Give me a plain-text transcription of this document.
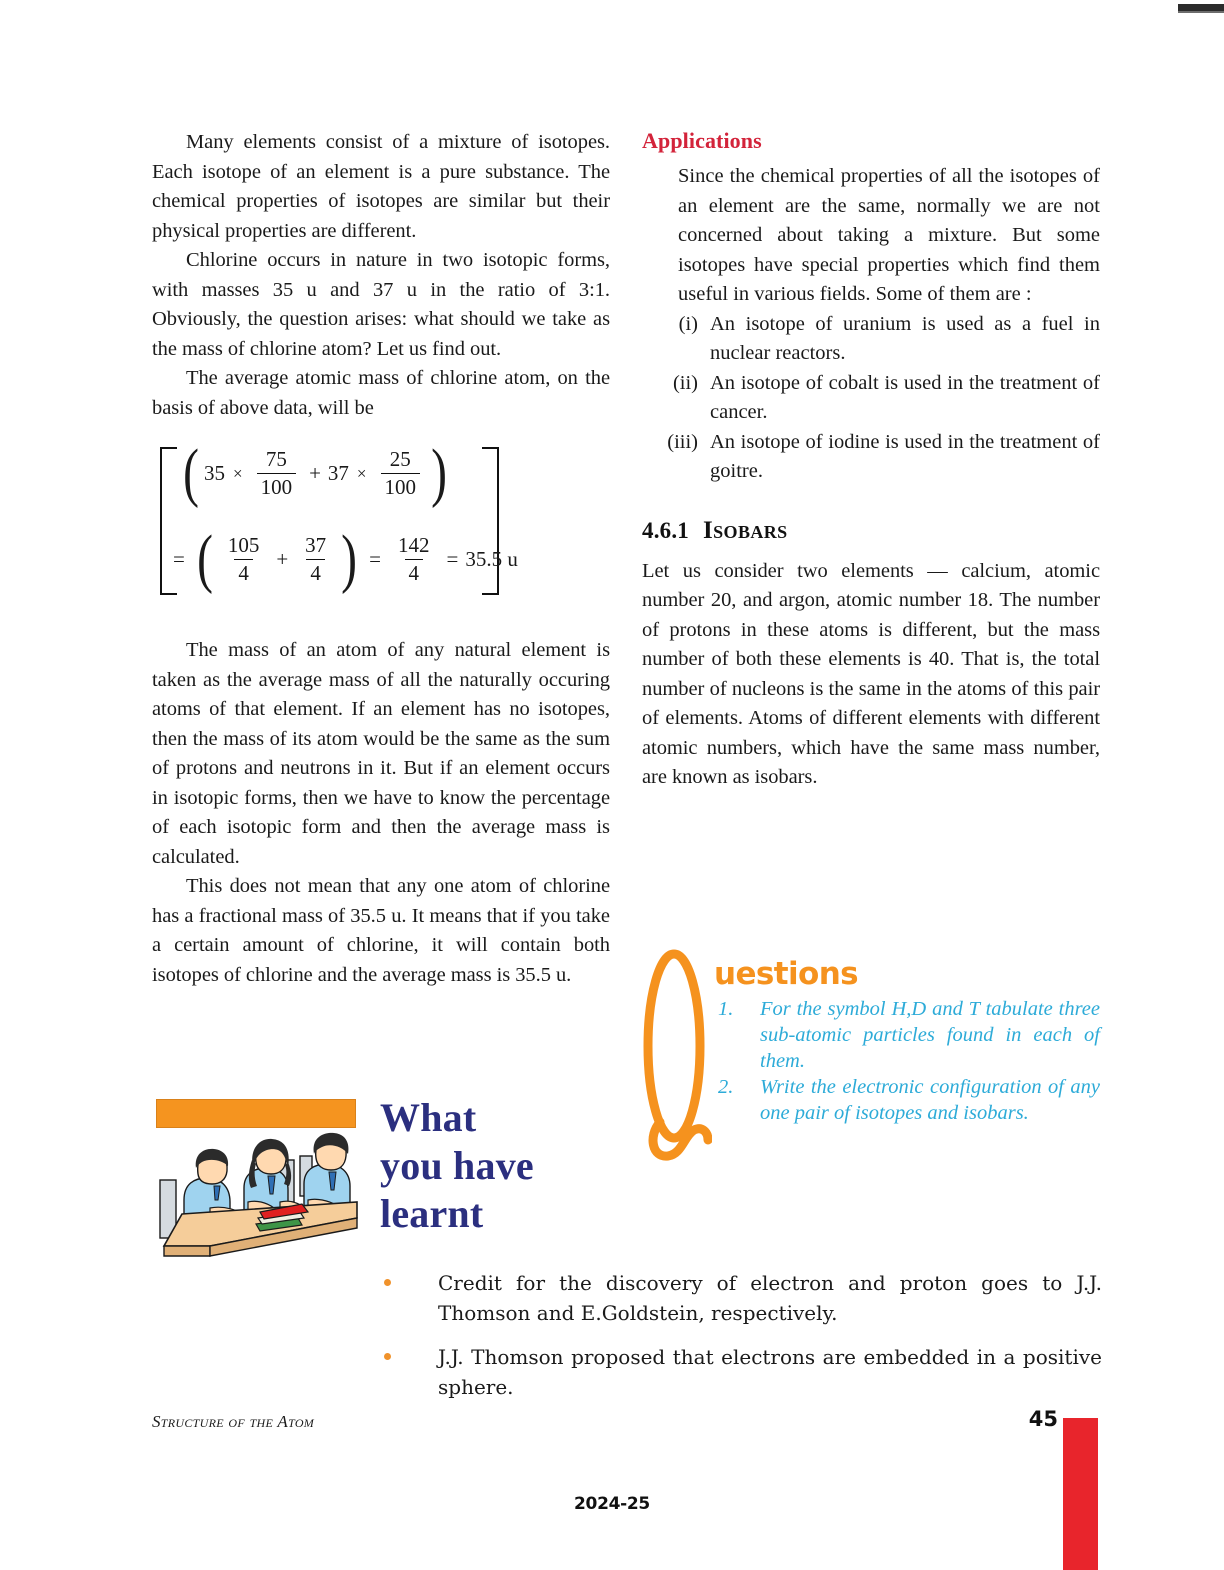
Many elements consist of a mixture of isotopes. Each isotope of an element is a pure substance. The chemical properties of isotopes are similar but their physical properties are different.

Chlorine occurs in nature in two isotopic forms, with masses 35 u and 37 u in the ratio of 3:1. Obviously, the question arises: what should we take as the mass of chlorine atom? Let us find out.

The average atomic mass of chlorine atom, on the basis of above data, will be

( $35 \times \frac{75}{100} + 37 \times \frac{25}{100}$ )
= ( $\frac{105}{4} + \frac{37}{4}$ ) = $\frac{142}{4} = 35.5$ u

The mass of an atom of any natural element is taken as the average mass of all the naturally occuring atoms of that element. If an element has no isotopes, then the mass of its atom would be the same as the sum of protons and neutrons in it. But if an element occurs in isotopic forms, then we have to know the percentage of each isotopic form and then the average mass is calculated.

This does not mean that any one atom of chlorine has a fractional mass of 35.5 u. It means that if you take a certain amount of chlorine, it will contain both isotopes of chlorine and the average mass is 35.5 u.

Applications

Since the chemical properties of all the isotopes of an element are the same, normally we are not concerned about taking a mixture. But some isotopes have special properties which find them useful in various fields. Some of them are :

(i) An isotope of uranium is used as a fuel in nuclear reactors.
(ii) An isotope of cobalt is used in the treatment of cancer.
(iii) An isotope of iodine is used in the treatment of goitre.
4.6.1 Isobars

Let us consider two elements — calcium, atomic number 20, and argon, atomic number 18. The number of protons in these atoms is different, but the mass number of both these elements is 40. That is, the total number of nucleons is the same in the atoms of this pair of elements. Atoms of different elements with different atomic numbers, which have the same mass number, are known as isobars.

uestions
1.	For the symbol H,D and T tabulate three sub-atomic particles found in each of them.
2.	Write the electronic configuration of any one pair of isotopes and isobars.
What
you have
learnt
Credit for the discovery of electron and proton goes to J.J. Thomson and E.Goldstein, respectively.
J.J. Thomson proposed that electrons are embedded in a positive sphere.
Structure of the Atom	45
2024-25
